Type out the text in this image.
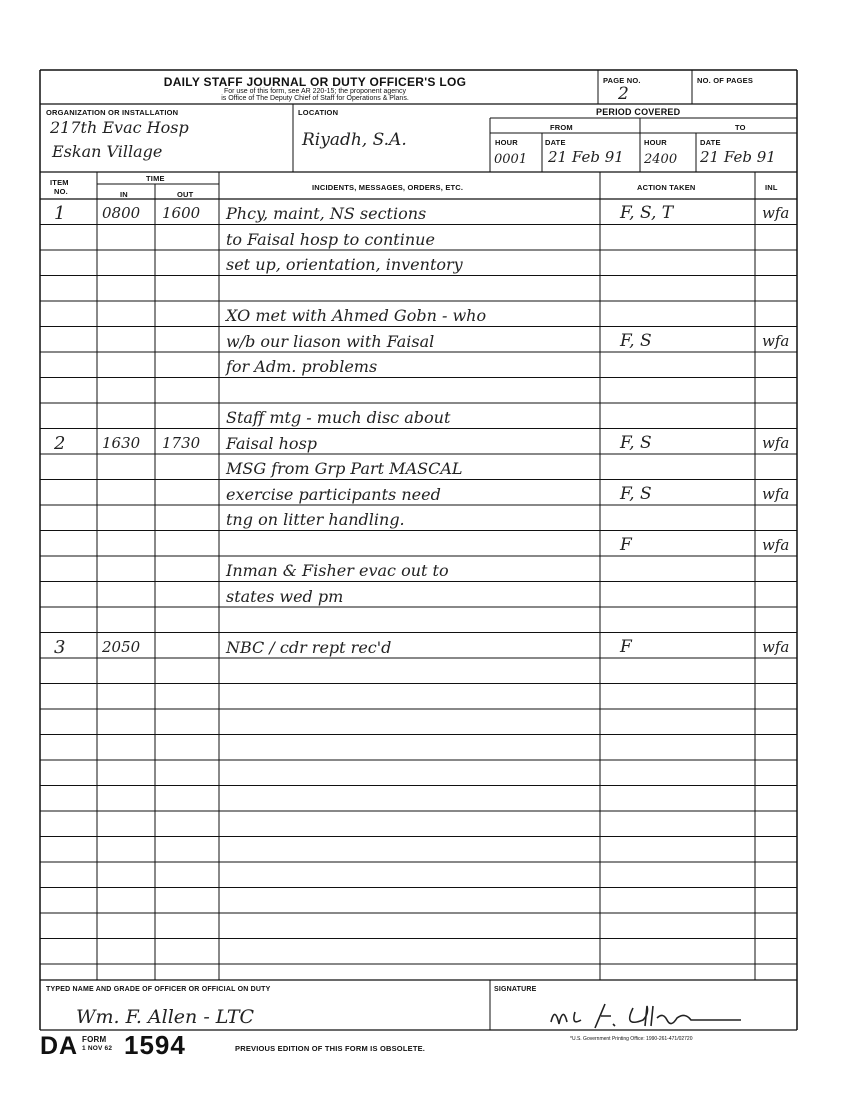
DAILY STAFF JOURNAL OR DUTY OFFICER'S LOG
For use of this form, see AR 220-15; the proponent agency
is Office of The Deputy Chief of Staff for Operations & Plans.
PAGE NO.
2
NO. OF PAGES
ORGANIZATION OR INSTALLATION
217th Evac Hosp
Eskan Village
LOCATION
Riyadh, S.A.
PERIOD COVERED
FROM	TO
HOUR	DATE	HOUR	DATE
0001 21 Feb 91 2400 21 Feb 91
ITEM
NO.
TIME
IN	OUT
INCIDENTS, MESSAGES, ORDERS, ETC.	ACTION TAKEN	INL
1 0800 1600 Phcy, maint, NS sections	F, S, T	wfa
to Faisal hosp to continue
set up, orientation, inventory
XO met with Ahmed Gobn - who
w/b our liason with Faisal	F, S	wfa
for Adm. problems
Staff mtg - much disc about
2 1630 1730 Faisal hosp	F, S	wfa
MSG from Grp Part MASCAL
exercise participants need	F, S	wfa
tng on litter handling.
F	wfa
Inman & Fisher evac out to
states wed pm
3 2050	NBC / cdr rept rec'd	F	wfa
TYPED NAME AND GRADE OF OFFICER OR OFFICIAL ON DUTY
Wm. F. Allen - LTC
SIGNATURE
DA FORM
1 NOV 62 1594	PREVIOUS EDITION OF THIS FORM IS OBSOLETE.
*U.S. Government Printing Office: 1990-261-471/02720
